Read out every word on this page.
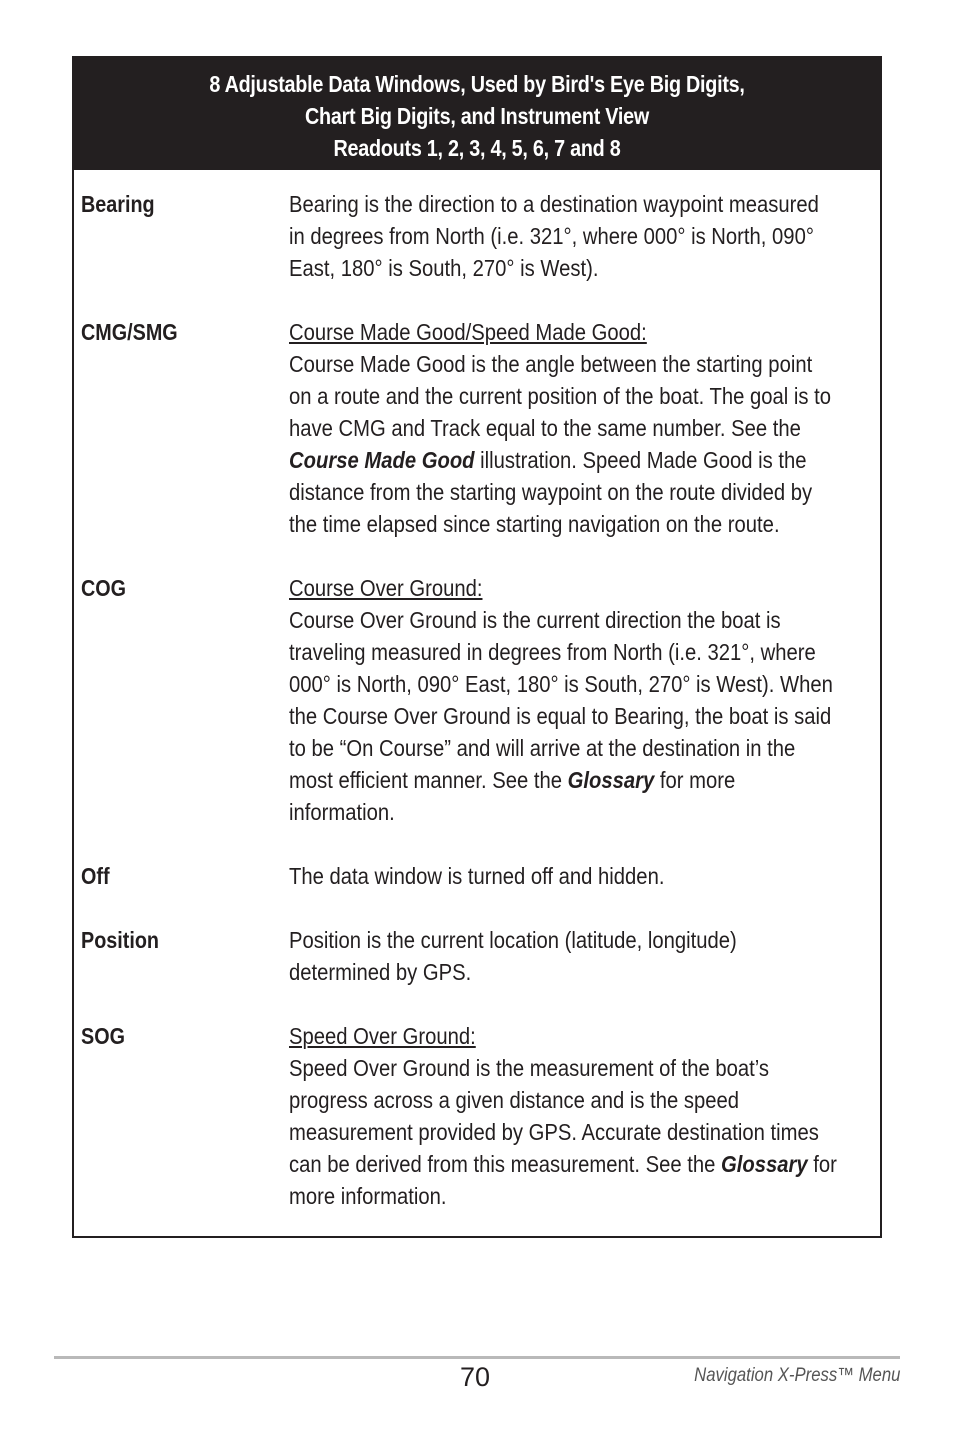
8 Adjustable Data Windows, Used by Bird's Eye Big Digits,
Chart Big Digits, and Instrument View
Readouts 1, 2, 3, 4, 5, 6, 7 and 8
Bearing	Bearing is the direction to a destination waypoint measured
in degrees from North (i.e. 321°, where 000° is North, 090°
East, 180° is South, 270° is West).
CMG/SMG	Course Made Good/Speed Made Good:
Course Made Good is the angle between the starting point
on a route and the current position of the boat. The goal is to
have CMG and Track equal to the same number. See the
Course Made Good illustration. Speed Made Good is the
distance from the starting waypoint on the route divided by
the time elapsed since starting navigation on the route.
COG	Course Over Ground:
Course Over Ground is the current direction the boat is
traveling measured in degrees from North (i.e. 321°, where
000° is North, 090° East, 180° is South, 270° is West). When
the Course Over Ground is equal to Bearing, the boat is said
to be “On Course” and will arrive at the destination in the
most efficient manner. See the Glossary for more
information.
Off	The data window is turned off and hidden.
Position	Position is the current location (latitude, longitude)
determined by GPS.
SOG	Speed Over Ground:
Speed Over Ground is the measurement of the boat’s
progress across a given distance and is the speed
measurement provided by GPS. Accurate destination times
can be derived from this measurement. See the Glossary for
more information.
70	Navigation X-Press™ Menu
